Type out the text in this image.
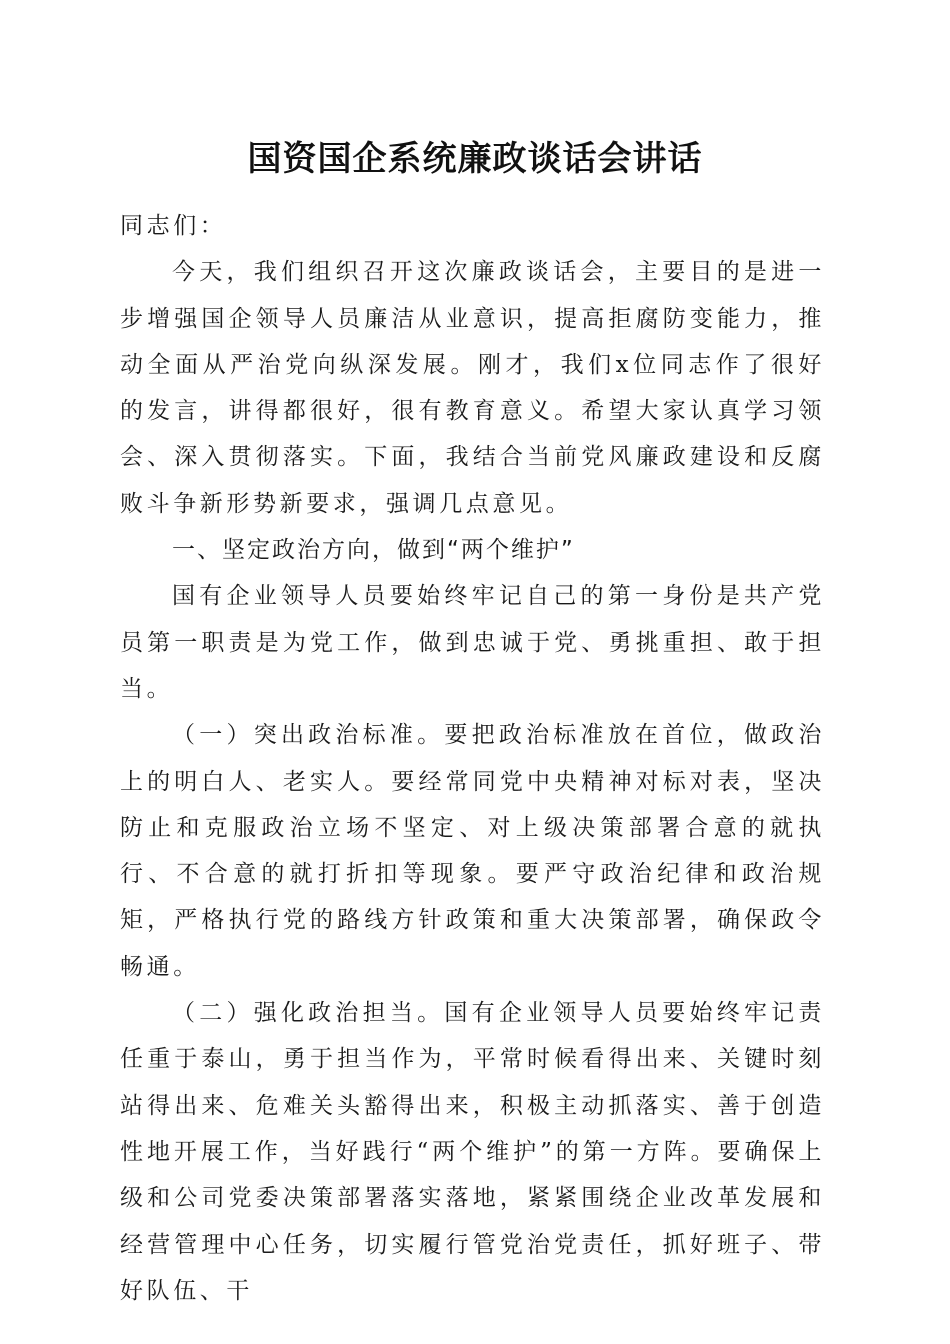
国资国企系统廉政谈话会讲话

同志们：

今天，我们组织召开这次廉政谈话会，主要目的是进一步增强国企领导人员廉洁从业意识，提高拒腐防变能力，推动全面从严治党向纵深发展。刚才，我们x位同志作了很好的发言，讲得都很好，很有教育意义。希望大家认真学习领会、深入贯彻落实。下面，我结合当前党风廉政建设和反腐败斗争新形势新要求，强调几点意见。

一、坚定政治方向，做到“两个维护”

国有企业领导人员要始终牢记自己的第一身份是共产党员第一职责是为党工作，做到忠诚于党、勇挑重担、敢于担当。

（一）突出政治标准。要把政治标准放在首位，做政治上的明白人、老实人。要经常同党中央精神对标对表，坚决防止和克服政治立场不坚定、对上级决策部署合意的就执行、不合意的就打折扣等现象。要严守政治纪律和政治规矩，严格执行党的路线方针政策和重大决策部署，确保政令畅通。

（二）强化政治担当。国有企业领导人员要始终牢记责任重于泰山，勇于担当作为，平常时候看得出来、关键时刻站得出来、危难关头豁得出来，积极主动抓落实、善于创造性地开展工作，当好践行“两个维护”的第一方阵。要确保上级和公司党委决策部署落实落地，紧紧围绕企业改革发展和经营管理中心任务，切实履行管党治党责任，抓好班子、带好队伍、干
